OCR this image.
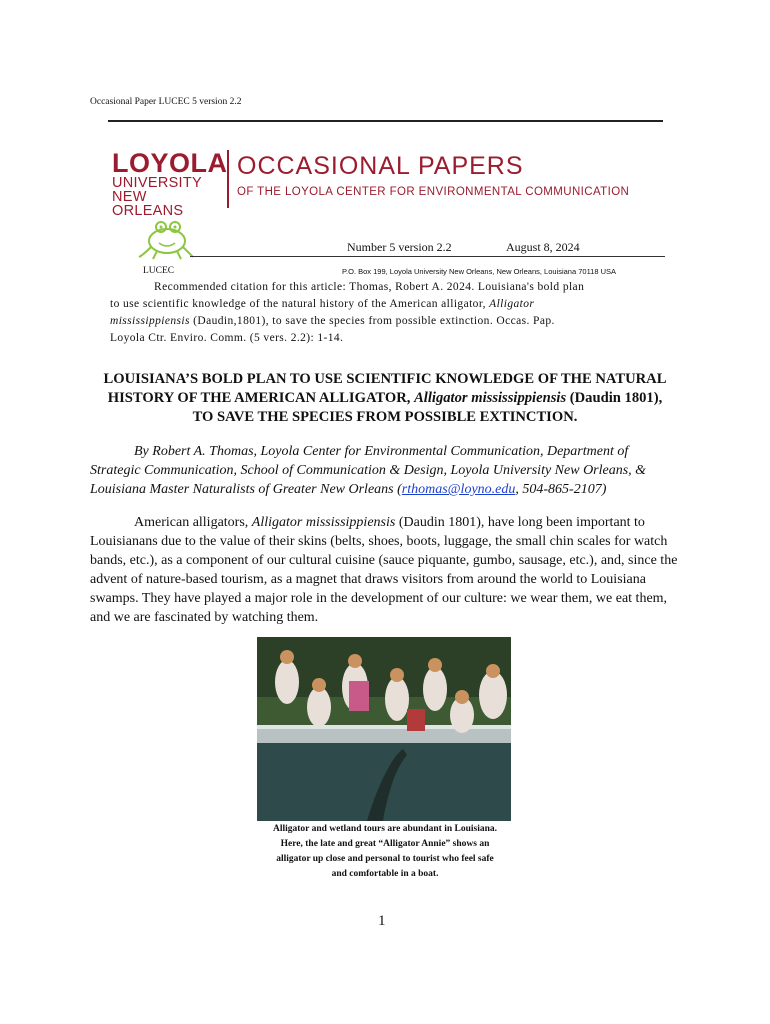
Occasional Paper LUCEC 5 version 2.2
LOYOLA
UNIVERSITY
NEW ORLEANS
OCCASIONAL PAPERS
OF THE LOYOLA CENTER FOR ENVIRONMENTAL COMMUNICATION
Number 5 version 2.2	August 8, 2024
LUCEC	P.O. Box 199, Loyola University New Orleans, New Orleans, Louisiana 70118 USA
Recommended citation for this article: Thomas, Robert A. 2024. Louisiana's bold plan
to use scientific knowledge of the natural history of the American alligator, Alligator
mississippiensis (Daudin,1801), to save the species from possible extinction. Occas. Pap.
Loyola Ctr. Enviro. Comm. (5 vers. 2.2): 1-14.
LOUISIANA’S BOLD PLAN TO USE SCIENTIFIC KNOWLEDGE OF THE NATURAL HISTORY OF THE AMERICAN ALLIGATOR, Alligator mississippiensis (Daudin 1801),
TO SAVE THE SPECIES FROM POSSIBLE EXTINCTION.
By Robert A. Thomas, Loyola Center for Environmental Communication, Department of Strategic Communication, School of Communication & Design, Loyola University New Orleans, & Louisiana Master Naturalists of Greater New Orleans (rthomas@loyno.edu, 504-865-2107)
American alligators, Alligator mississippiensis (Daudin 1801), have long been important to Louisianans due to the value of their skins (belts, shoes, boots, luggage, the small chin scales for watch bands, etc.), as a component of our cultural cuisine (sauce piquante, gumbo, sausage, etc.), and, since the advent of nature-based tourism, as a magnet that draws visitors from around the world to Louisiana swamps. They have played a major role in the development of our culture: we wear them, we eat them, and we are fascinated by watching them.
Alligator and wetland tours are abundant in Louisiana.
Here, the late and great “Alligator Annie” shows an
alligator up close and personal to tourist who feel safe
and comfortable in a boat.
1
